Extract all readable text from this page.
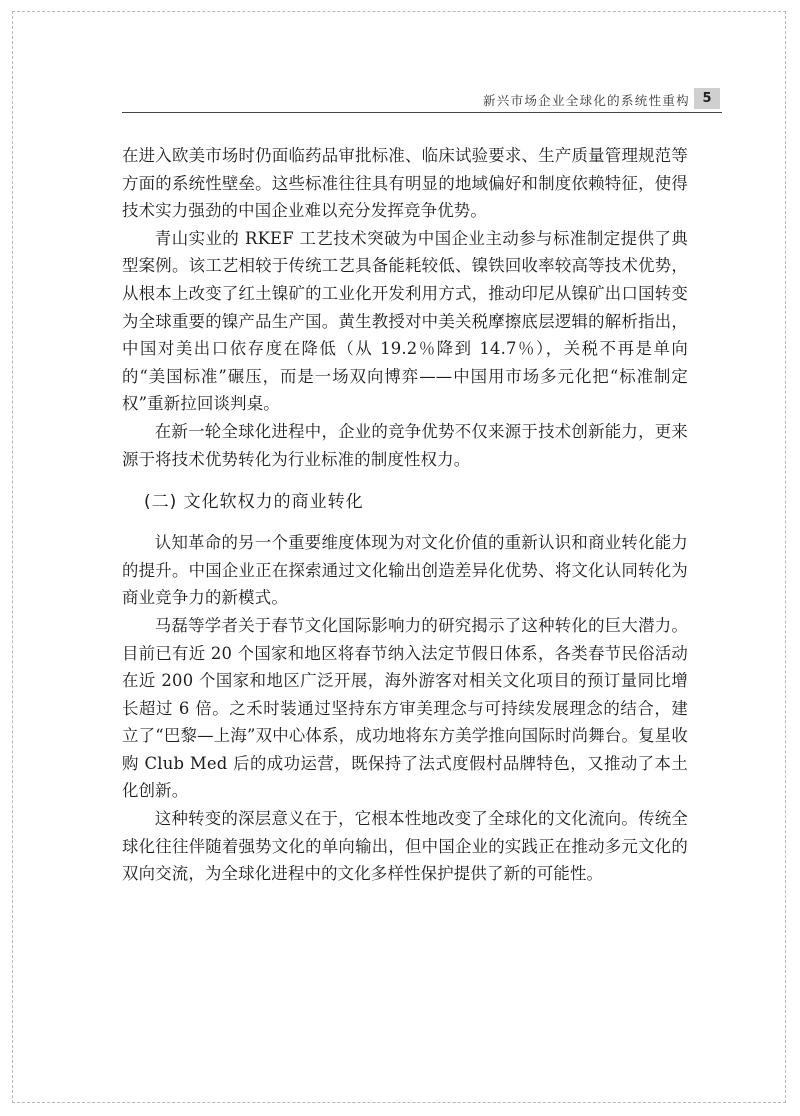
新兴市场企业全球化的系统性重构 5

在进入欧美市场时仍面临药品审批标准、临床试验要求、生产质量管理规范等方面的系统性壁垒。这些标准往往具有明显的地域偏好和制度依赖特征，使得技术实力强劲的中国企业难以充分发挥竞争优势。

青山实业的 RKEF 工艺技术突破为中国企业主动参与标准制定提供了典型案例。该工艺相较于传统工艺具备能耗较低、镍铁回收率较高等技术优势，从根本上改变了红土镍矿的工业化开发利用方式，推动印尼从镍矿出口国转变为全球重要的镍产品生产国。黄生教授对中美关税摩擦底层逻辑的解析指出，中国对美出口依存度在降低（从 19.2％降到 14.7％），关税不再是单向的“美国标准”碾压，而是一场双向博弈——中国用市场多元化把“标准制定权”重新拉回谈判桌。

在新一轮全球化进程中，企业的竞争优势不仅来源于技术创新能力，更来源于将技术优势转化为行业标准的制度性权力。

(二) 文化软权力的商业转化

认知革命的另一个重要维度体现为对文化价值的重新认识和商业转化能力的提升。中国企业正在探索通过文化输出创造差异化优势、将文化认同转化为商业竞争力的新模式。

马磊等学者关于春节文化国际影响力的研究揭示了这种转化的巨大潜力。目前已有近 20 个国家和地区将春节纳入法定节假日体系，各类春节民俗活动在近 200 个国家和地区广泛开展，海外游客对相关文化项目的预订量同比增长超过 6 倍。之禾时装通过坚持东方审美理念与可持续发展理念的结合，建立了“巴黎—上海”双中心体系，成功地将东方美学推向国际时尚舞台。复星收购 Club Med 后的成功运营，既保持了法式度假村品牌特色，又推动了本土化创新。

这种转变的深层意义在于，它根本性地改变了全球化的文化流向。传统全球化往往伴随着强势文化的单向输出，但中国企业的实践正在推动多元文化的双向交流，为全球化进程中的文化多样性保护提供了新的可能性。
